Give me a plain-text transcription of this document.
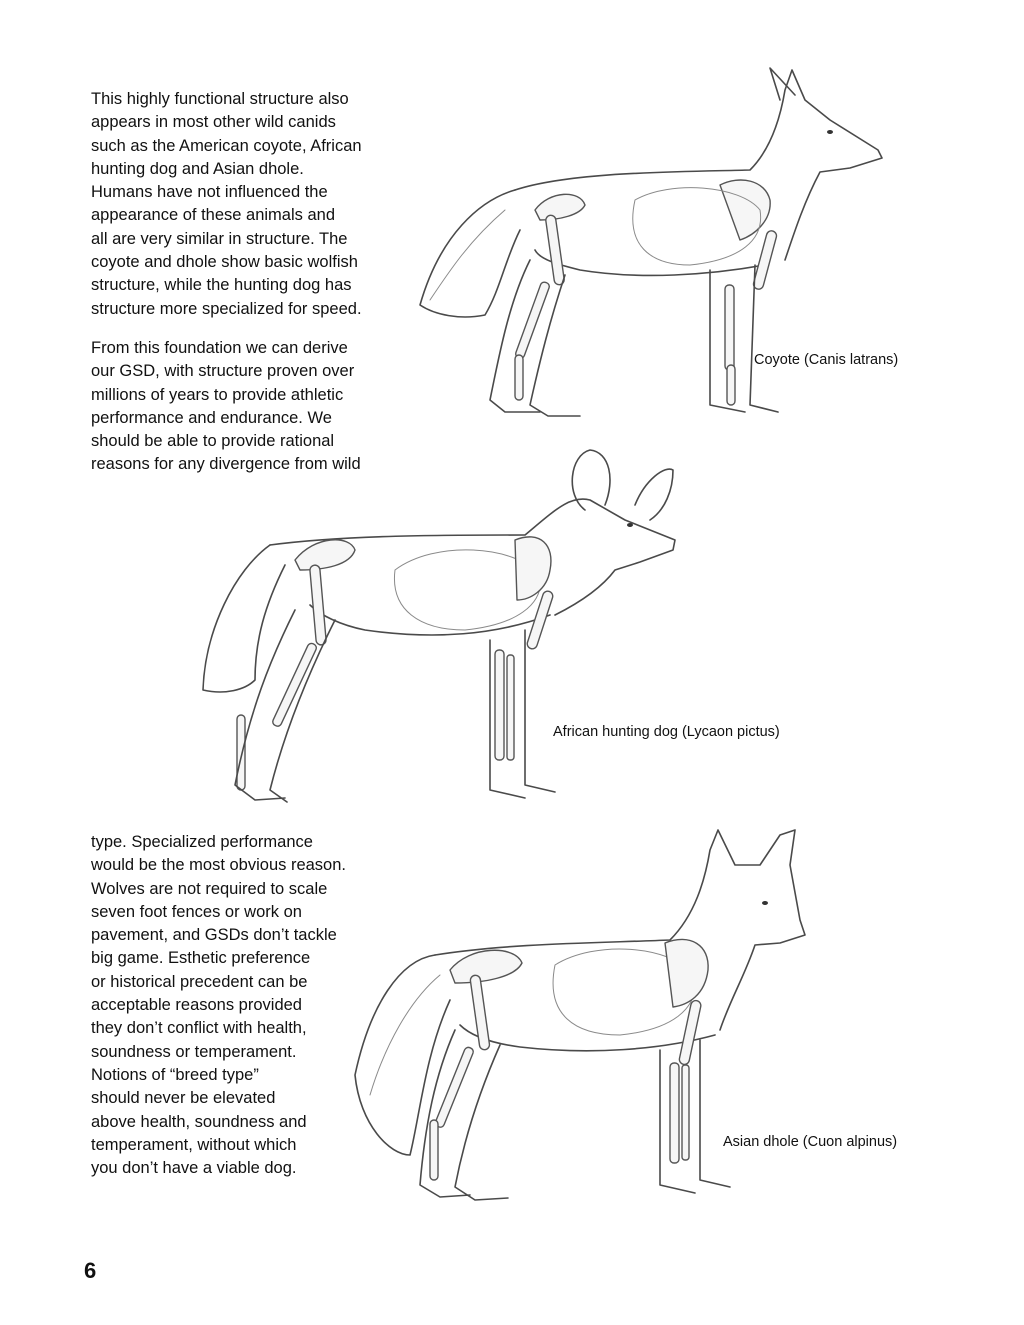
This highly functional structure also
appears in most other wild canids
such as the American coyote, African
hunting dog and Asian dhole.
Humans have not influenced the
appearance of these animals and
all are very similar in structure. The
coyote and dhole show basic wolfish
structure, while the hunting dog has
structure more specialized for speed.
From this foundation we can derive
our GSD, with structure proven over
millions of years to provide athletic
performance and endurance. We
should be able to provide rational
reasons for any divergence from wild
type. Specialized performance
would be the most obvious reason.
Wolves are not required to scale
seven foot fences or work on
pavement, and GSDs don’t tackle
big game. Esthetic preference
or historical precedent can be
acceptable reasons provided
they don’t conflict with health,
soundness or temperament.
Notions of “breed type”
should never be elevated
above health, soundness and
temperament, without which
you don’t have a viable dog.
Coyote (Canis latrans)
African hunting dog (Lycaon pictus)
Asian dhole (Cuon alpinus)
6
